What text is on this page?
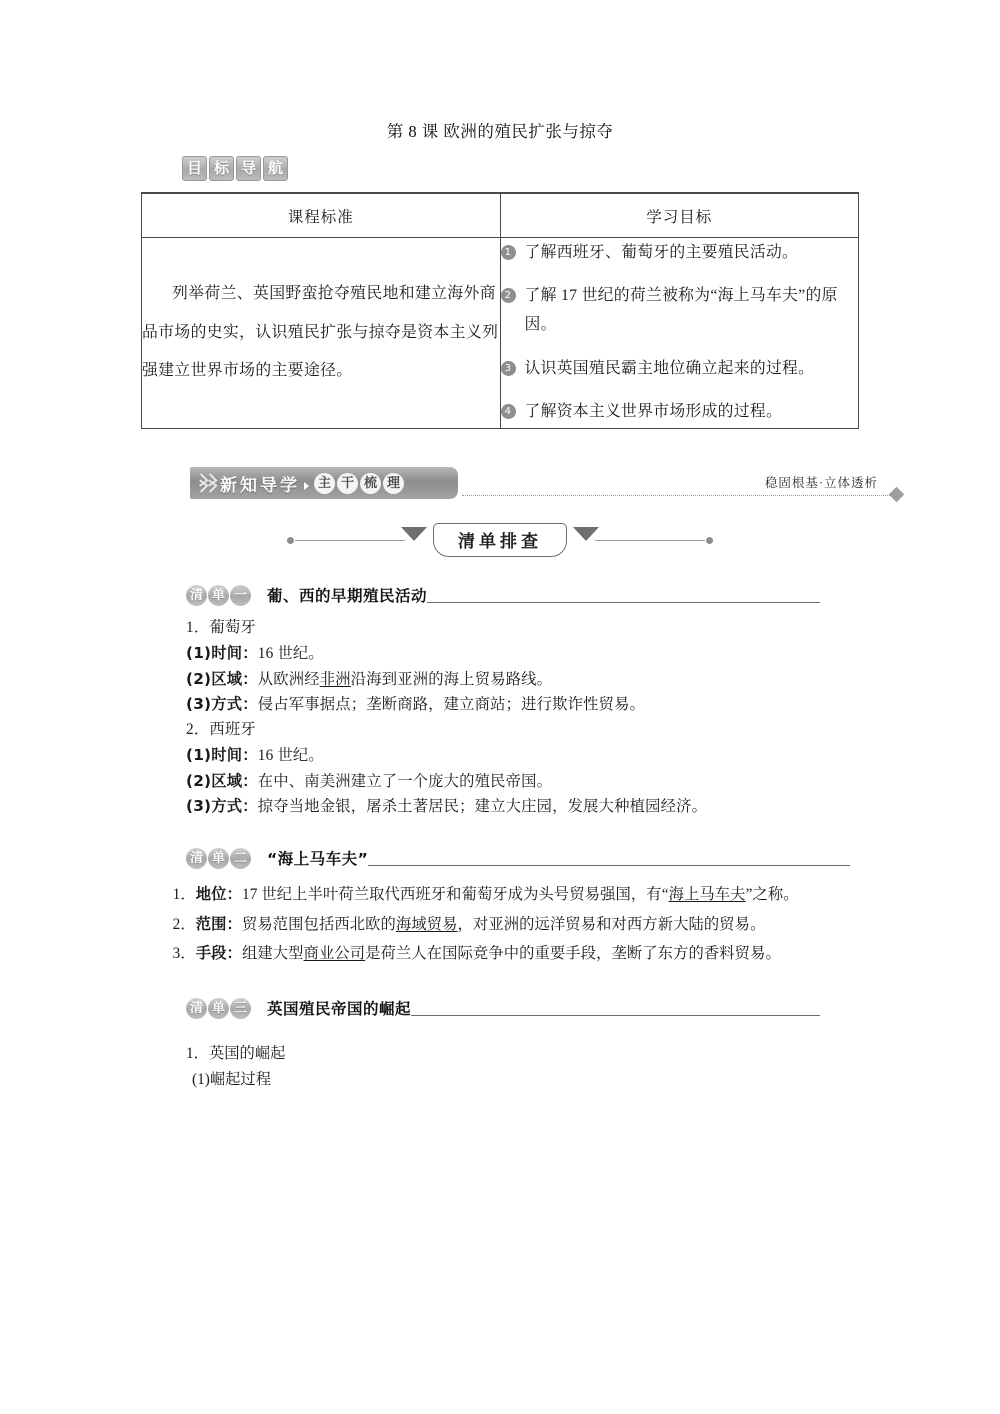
第 8 课 欧洲的殖民扩张与掠夺
目 标 导 航
课程标准	学习目标
列举荷兰、英国野蛮抢夺殖民地和建立海外商品市场的史实，认识殖民扩张与掠夺是资本主义列强建立世界市场的主要途径。	
1 了解西班牙、葡萄牙的主要殖民活动。
2 了解 17 世纪的荷兰被称为“海上马车夫”的原因。
3 认识英国殖民霸主地位确立起来的过程。
4 了解资本主义世界市场形成的过程。
新知导学	主 干 梳 理	稳固根基·立体透析
清单排查
清 单 一 葡、西的早期殖民活动
1．葡萄牙
(1)时间：16 世纪。
(2)区域：从欧洲经非洲沿海到亚洲的海上贸易路线。
(3)方式：侵占军事据点；垄断商路，建立商站；进行欺诈性贸易。
2．西班牙
(1)时间：16 世纪。
(2)区域：在中、南美洲建立了一个庞大的殖民帝国。
(3)方式：掠夺当地金银，屠杀土著居民；建立大庄园，发展大种植园经济。
清 单 二 “海上马车夫”

1．地位：17 世纪上半叶荷兰取代西班牙和葡萄牙成为头号贸易强国，有“海上马车夫”之称。

2．范围：贸易范围包括西北欧的海域贸易，对亚洲的远洋贸易和对西方新大陆的贸易。

3．手段：组建大型商业公司是荷兰人在国际竞争中的重要手段，垄断了东方的香料贸易。

清 单 三 英国殖民帝国的崛起
1．英国的崛起
(1)崛起过程
